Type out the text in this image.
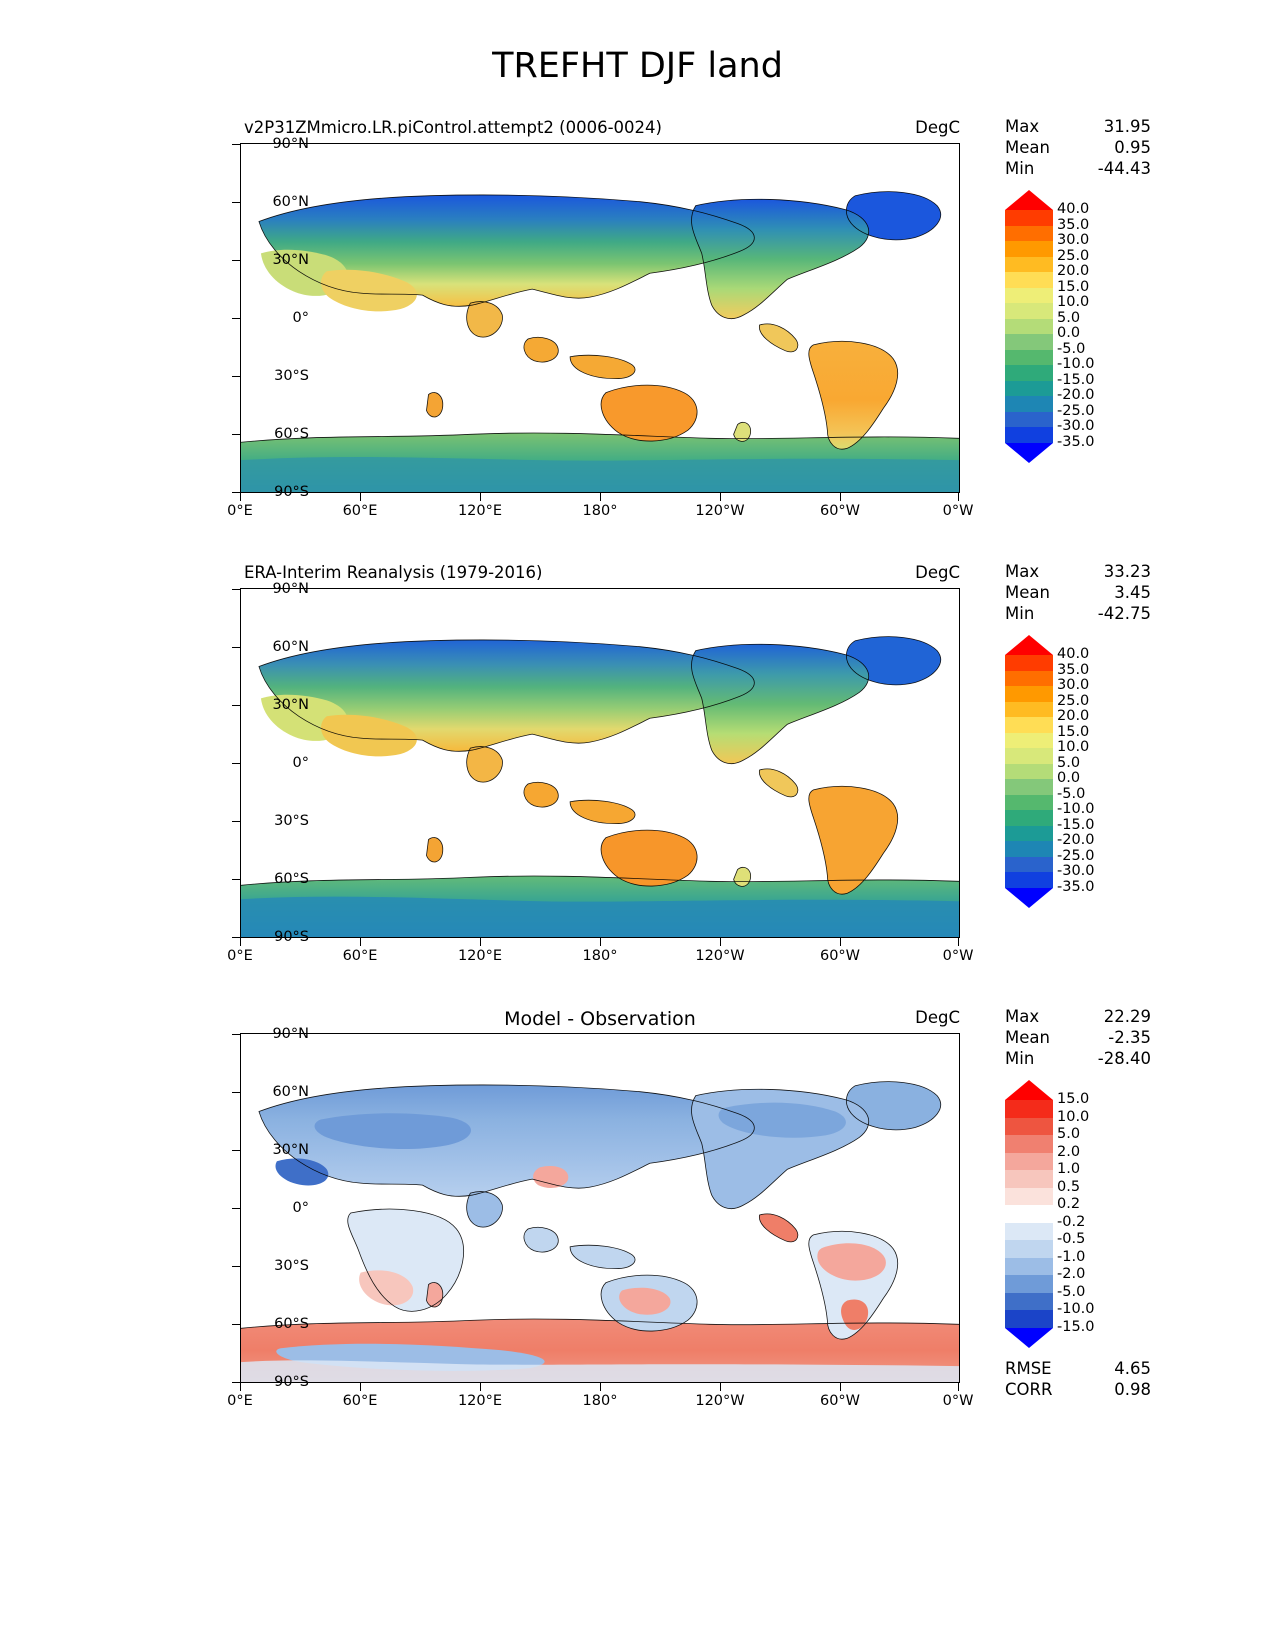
TREFHT DJF land
v2P31ZMmicro.LR.piControl.attempt2 (0006-0024)	DegC
90°N
60°N
30°N
0°
30°S
60°S
90°S
0°E	60°E	120°E	180°	120°W	60°W	0°W
Max	31.95
Mean	0.95
Min	-44.43
40.0
35.0
30.0
25.0
20.0
15.0
10.0
5.0
0.0
-5.0
-10.0
-15.0
-20.0
-25.0
-30.0
-35.0
ERA-Interim Reanalysis (1979-2016)	DegC
90°N
60°N
30°N
0°
30°S
60°S
90°S
0°E	60°E	120°E	180°	120°W	60°W	0°W
Max	33.23
Mean	3.45
Min	-42.75
40.0
35.0
30.0
25.0
20.0
15.0
10.0
5.0
0.0
-5.0
-10.0
-15.0
-20.0
-25.0
-30.0
-35.0
Model - Observation	DegC
90°N
60°N
30°N
0°
30°S
60°S
90°S
0°E	60°E	120°E	180°	120°W	60°W	0°W
Max	22.29
Mean	-2.35
Min	-28.40
RMSE	4.65
CORR	0.98
15.0
10.0
5.0
2.0
1.0
0.5
0.2
-0.2
-0.5
-1.0
-2.0
-5.0
-10.0
-15.0
